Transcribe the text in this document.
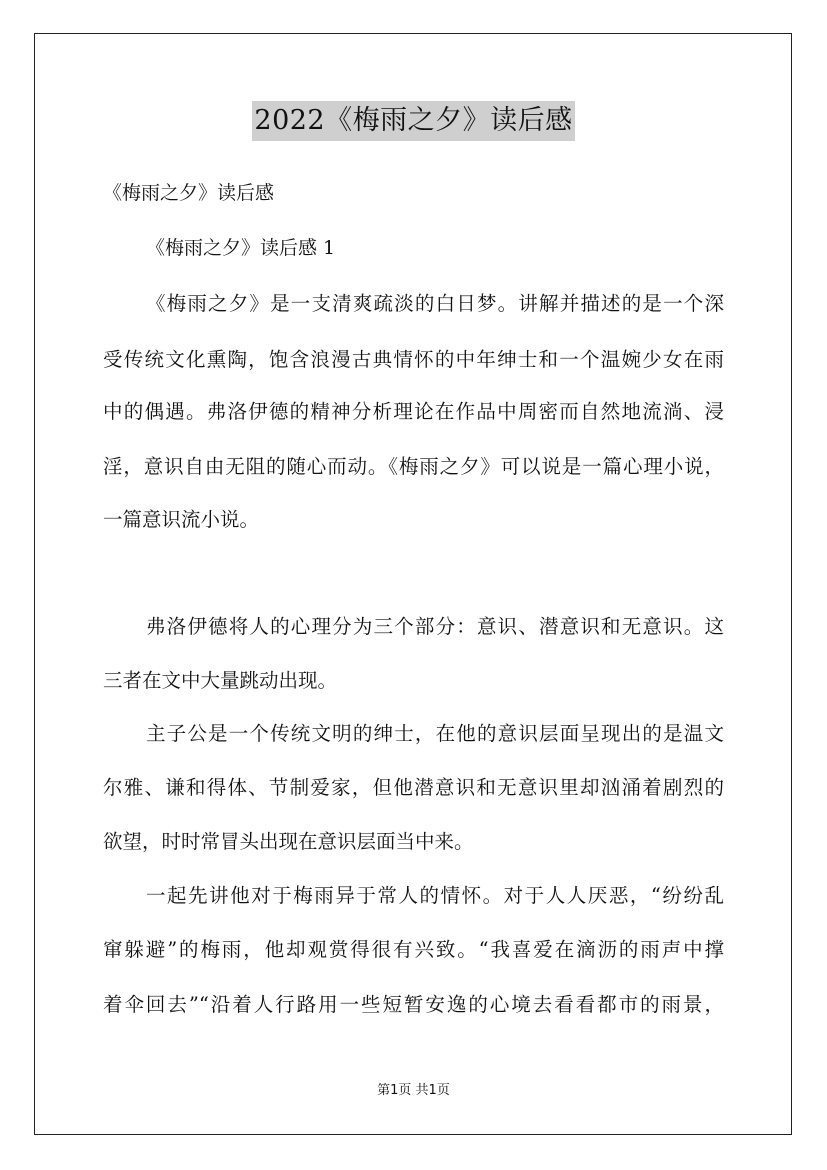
2022《梅雨之夕》读后感
《梅雨之夕》读后感
《梅雨之夕》读后感 1
《梅雨之夕》是一支清爽疏淡的白日梦。讲解并描述的是一个深
受传统文化熏陶，饱含浪漫古典情怀的中年绅士和一个温婉少女在雨
中的偶遇。弗洛伊德的精神分析理论在作品中周密而自然地流淌、浸
淫，意识自由无阻的随心而动。《梅雨之夕》可以说是一篇心理小说，
一篇意识流小说。
弗洛伊德将人的心理分为三个部分：意识、潜意识和无意识。这
三者在文中大量跳动出现。
主子公是一个传统文明的绅士，在他的意识层面呈现出的是温文
尔雅、谦和得体、节制爱家，但他潜意识和无意识里却汹涌着剧烈的
欲望，时时常冒头出现在意识层面当中来。
一起先讲他对于梅雨异于常人的情怀。对于人人厌恶，“纷纷乱
窜躲避”的梅雨，他却观赏得很有兴致。“我喜爱在滴沥的雨声中撑
着伞回去”“沿着人行路用一些短暂安逸的心境去看看都市的雨景，
第1页 共1页
